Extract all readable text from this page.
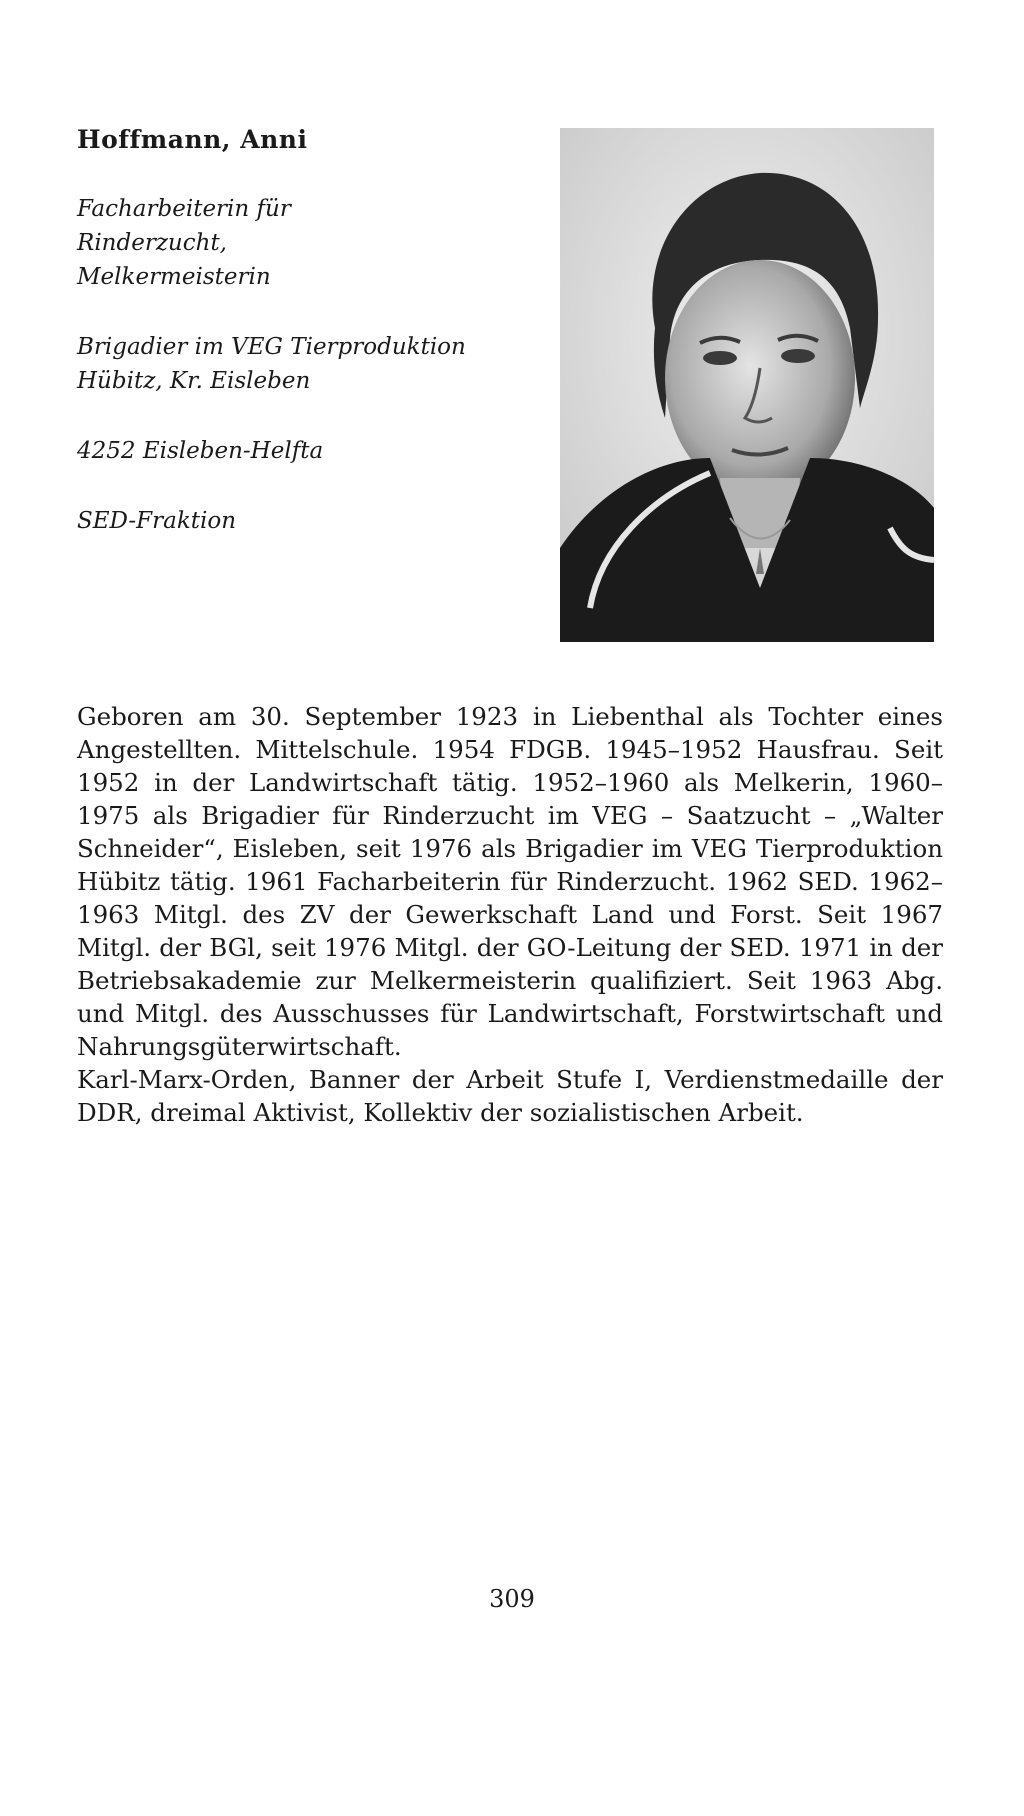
Hoffmann, Anni

Facharbeiterin für Rinderzucht, Melkermeisterin

Brigadier im VEG Tierproduktion Hübitz, Kr. Eisleben

4252 Eisleben-Helfta

SED-Fraktion

Geboren am 30. September 1923 in Liebenthal als Tochter eines Angestellten. Mittelschule. 1954 FDGB. 1945–1952 Hausfrau. Seit 1952 in der Landwirtschaft tätig. 1952–1960 als Melkerin, 1960–1975 als Brigadier für Rinderzucht im VEG – Saatzucht – „Walter Schneider“, Eisleben, seit 1976 als Brigadier im VEG Tierproduktion Hübitz tätig. 1961 Facharbeiterin für Rinderzucht. 1962 SED. 1962–1963 Mitgl. des ZV der Gewerkschaft Land und Forst. Seit 1967 Mitgl. der BGl, seit 1976 Mitgl. der GO-Leitung der SED. 1971 in der Betriebsakademie zur Melkermeisterin qualifiziert. Seit 1963 Abg. und Mitgl. des Ausschusses für Landwirtschaft, Forstwirtschaft und Nahrungsgüterwirtschaft.

Karl-Marx-Orden, Banner der Arbeit Stufe I, Verdienstmedaille der DDR, dreimal Aktivist, Kollektiv der sozialistischen Arbeit.

309
